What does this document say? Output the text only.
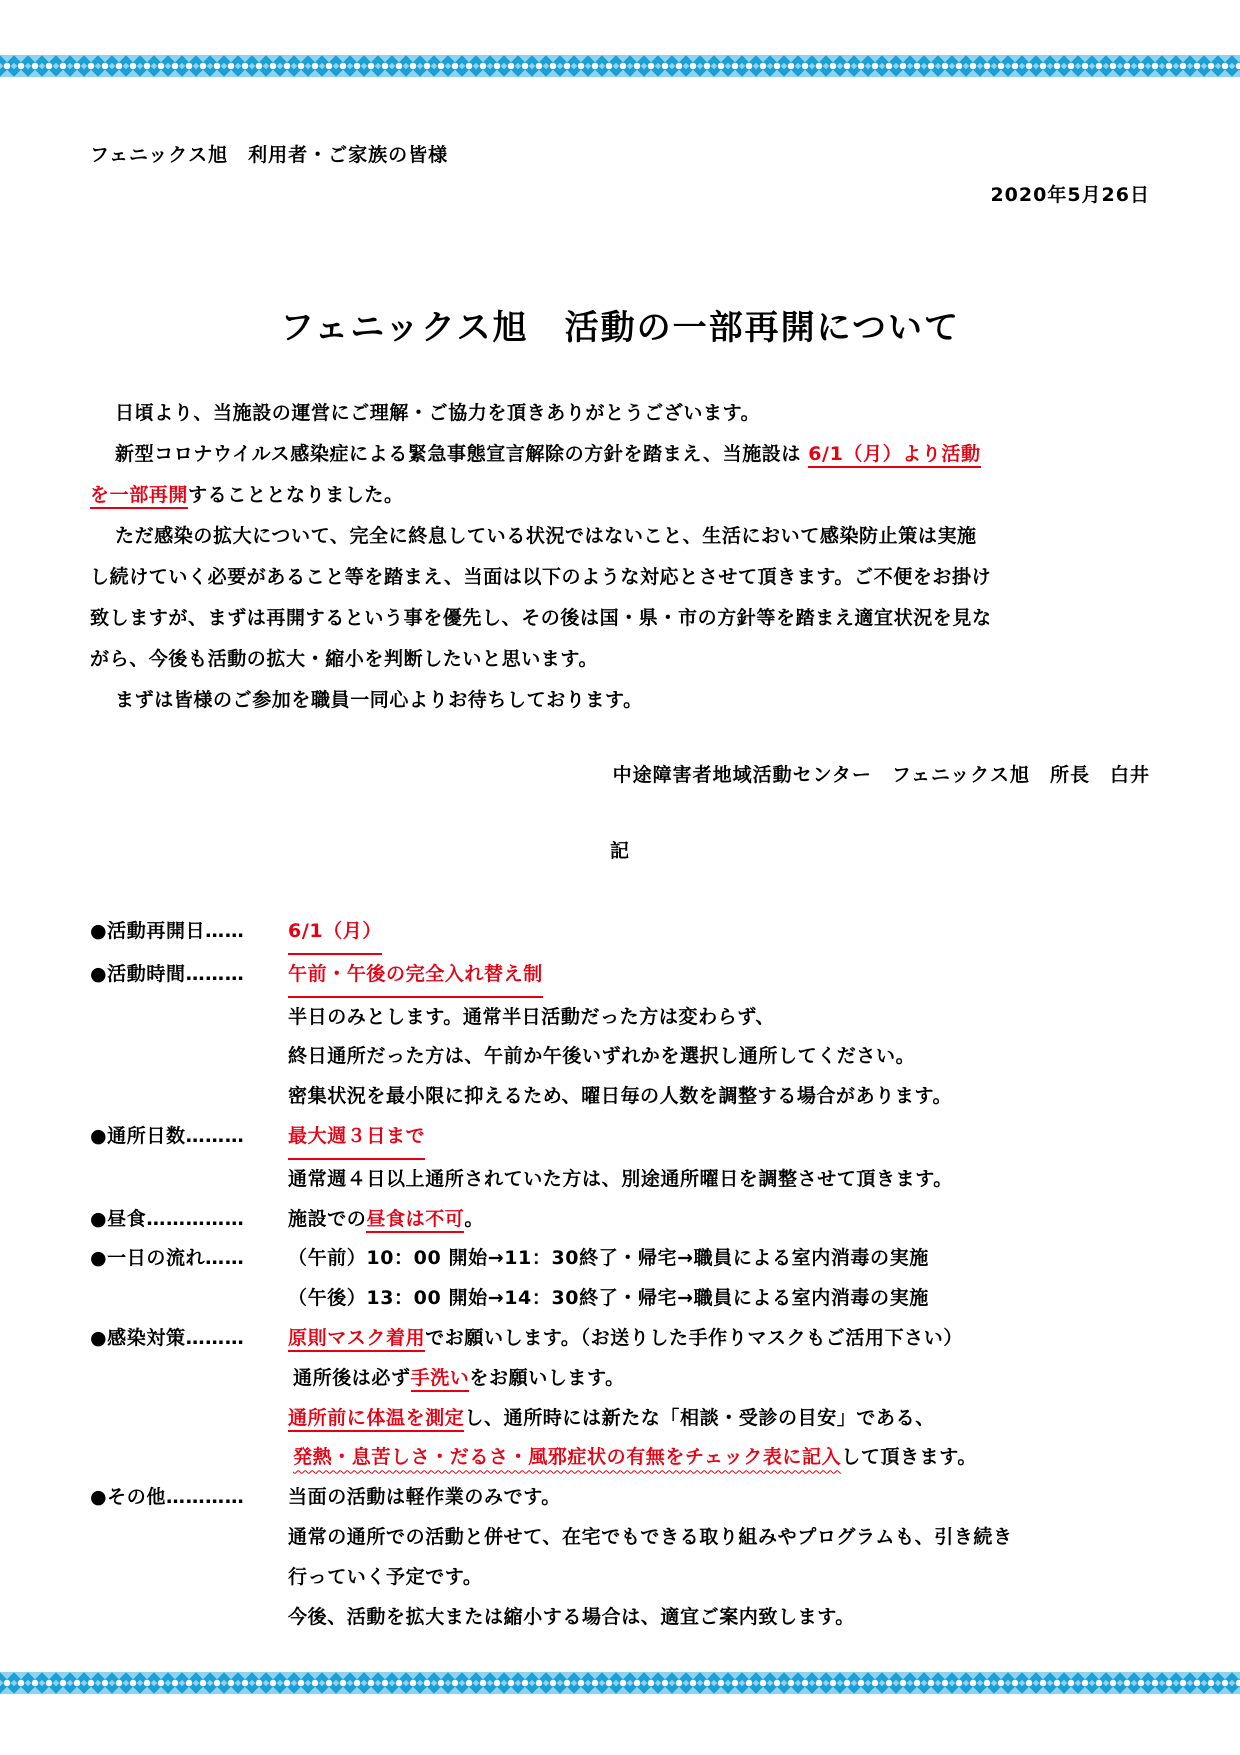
フェニックス旭　利用者・ご家族の皆様
2020年5月26日
フェニックス旭　活動の一部再開について

日頃より、当施設の運営にご理解・ご協力を頂きありがとうございます。

新型コロナウイルス感染症による緊急事態宣言解除の方針を踏まえ、当施設は 6/1（月）より活動

を一部再開することとなりました。

ただ感染の拡大について、完全に終息している状況ではないこと、生活において感染防止策は実施

し続けていく必要があること等を踏まえ、当面は以下のような対応とさせて頂きます。ご不便をお掛け

致しますが、まずは再開するという事を優先し、その後は国・県・市の方針等を踏まえ適宜状況を見な

がら、今後も活動の拡大・縮小を判断したいと思います。

まずは皆様のご参加を職員一同心よりお待ちしております。

中途障害者地域活動センター　フェニックス旭　所長　白井
記
●活動再開日……	6/1（月）
●活動時間………	午前・午後の完全入れ替え制
半日のみとします。通常半日活動だった方は変わらず、
終日通所だった方は、午前か午後いずれかを選択し通所してください。
密集状況を最小限に抑えるため、曜日毎の人数を調整する場合があります。
●通所日数………	最大週３日まで
通常週４日以上通所されていた方は、別途通所曜日を調整させて頂きます。
●昼食……………	施設での昼食は不可。
●一日の流れ……	（午前）10：00 開始→11：30終了・帰宅→職員による室内消毒の実施
（午後）13：00 開始→14：30終了・帰宅→職員による室内消毒の実施
●感染対策………	原則マスク着用でお願いします。（お送りした手作りマスクもご活用下さい）
通所後は必ず手洗いをお願いします。
通所前に体温を測定し、通所時には新たな「相談・受診の目安」である、
発熱・息苦しさ・だるさ・風邪症状の有無をチェック表に記入して頂きます。
●その他…………	当面の活動は軽作業のみです。
通常の通所での活動と併せて、在宅でもできる取り組みやプログラムも、引き続き
行っていく予定です。
今後、活動を拡大または縮小する場合は、適宜ご案内致します。
